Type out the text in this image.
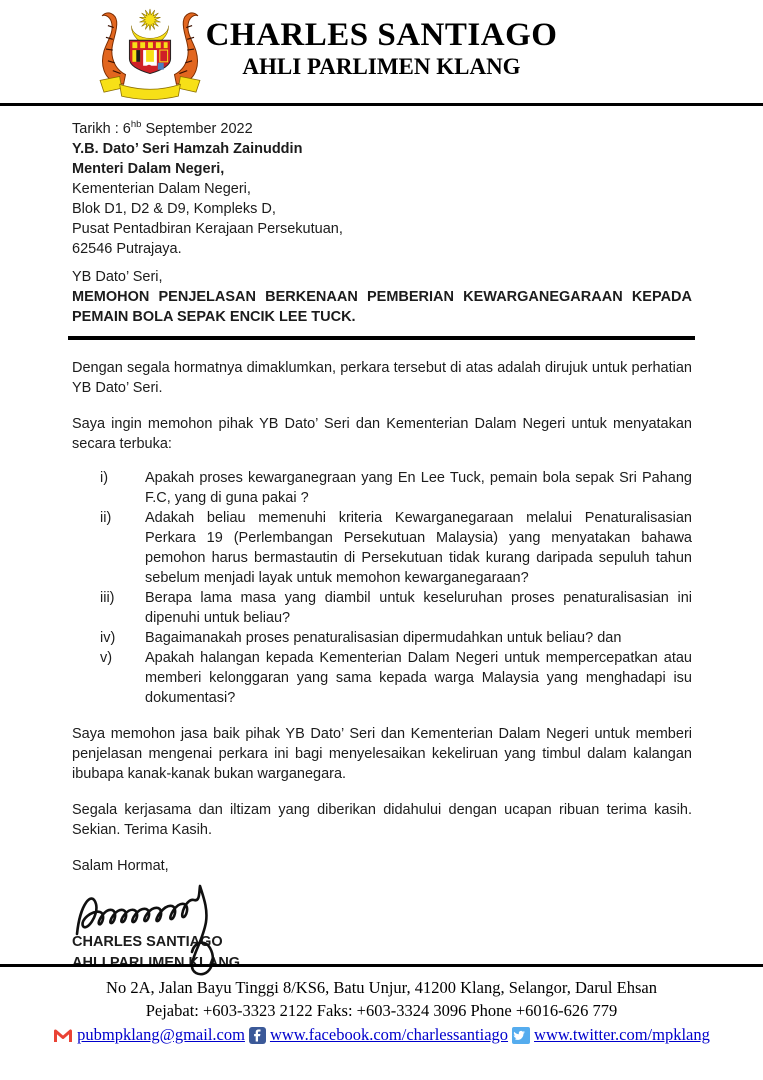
CHARLES SANTIAGO
AHLI PARLIMEN KLANG
Tarikh : $6^{hb}$ September 2022
Y.B. Dato’ Seri Hamzah Zainuddin
Menteri Dalam Negeri,
Kementerian Dalam Negeri,
Blok D1, D2 & D9, Kompleks D,
Pusat Pentadbiran Kerajaan Persekutuan,
62546 Putrajaya.
YB Dato’ Seri,
MEMOHON PENJELASAN BERKENAAN PEMBERIAN KEWARGANEGARAAN KEPADA PEMAIN BOLA SEPAK ENCIK LEE TUCK.
Dengan segala hormatnya dimaklumkan, perkara tersebut di atas adalah dirujuk untuk perhatian YB Dato’ Seri.
Saya ingin memohon pihak YB Dato’ Seri dan Kementerian Dalam Negeri untuk menyatakan secara terbuka:
i)	Apakah proses kewarganegraan yang En Lee Tuck, pemain bola sepak Sri Pahang F.C, yang di guna pakai ?
ii)	Adakah beliau memenuhi kriteria Kewarganegaraan melalui Penaturalisasian Perkara 19 (Perlembangan Persekutuan Malaysia) yang menyatakan bahawa pemohon harus bermastautin di Persekutuan tidak kurang daripada sepuluh tahun sebelum menjadi layak untuk memohon kewarganegaraan?
iii)	Berapa lama masa yang diambil untuk keseluruhan proses penaturalisasian ini dipenuhi untuk beliau?
iv)	Bagaimanakah proses penaturalisasian dipermudahkan untuk beliau? dan
v)	Apakah halangan kepada Kementerian Dalam Negeri untuk mempercepatkan atau memberi kelonggaran yang sama kepada warga Malaysia yang menghadapi isu dokumentasi?
Saya memohon jasa baik pihak YB Dato’ Seri dan Kementerian Dalam Negeri untuk memberi penjelasan mengenai perkara ini bagi menyelesaikan kekeliruan yang timbul dalam kalangan ibubapa kanak-kanak bukan warganegara.
Segala kerjasama dan iltizam yang diberikan didahului dengan ucapan ribuan terima kasih. Sekian. Terima Kasih.
Salam Hormat,
CHARLES SANTIAGO
AHLI PARLIMEN KLANG
No 2A, Jalan Bayu Tinggi 8/KS6, Batu Unjur, 41200 Klang, Selangor, Darul Ehsan
Pejabat: +603-3323 2122 Faks: +603-3324 3096 Phone +6016-626 779
pubmpklang@gmail.com www.facebook.com/charlessantiago www.twitter.com/mpklang
